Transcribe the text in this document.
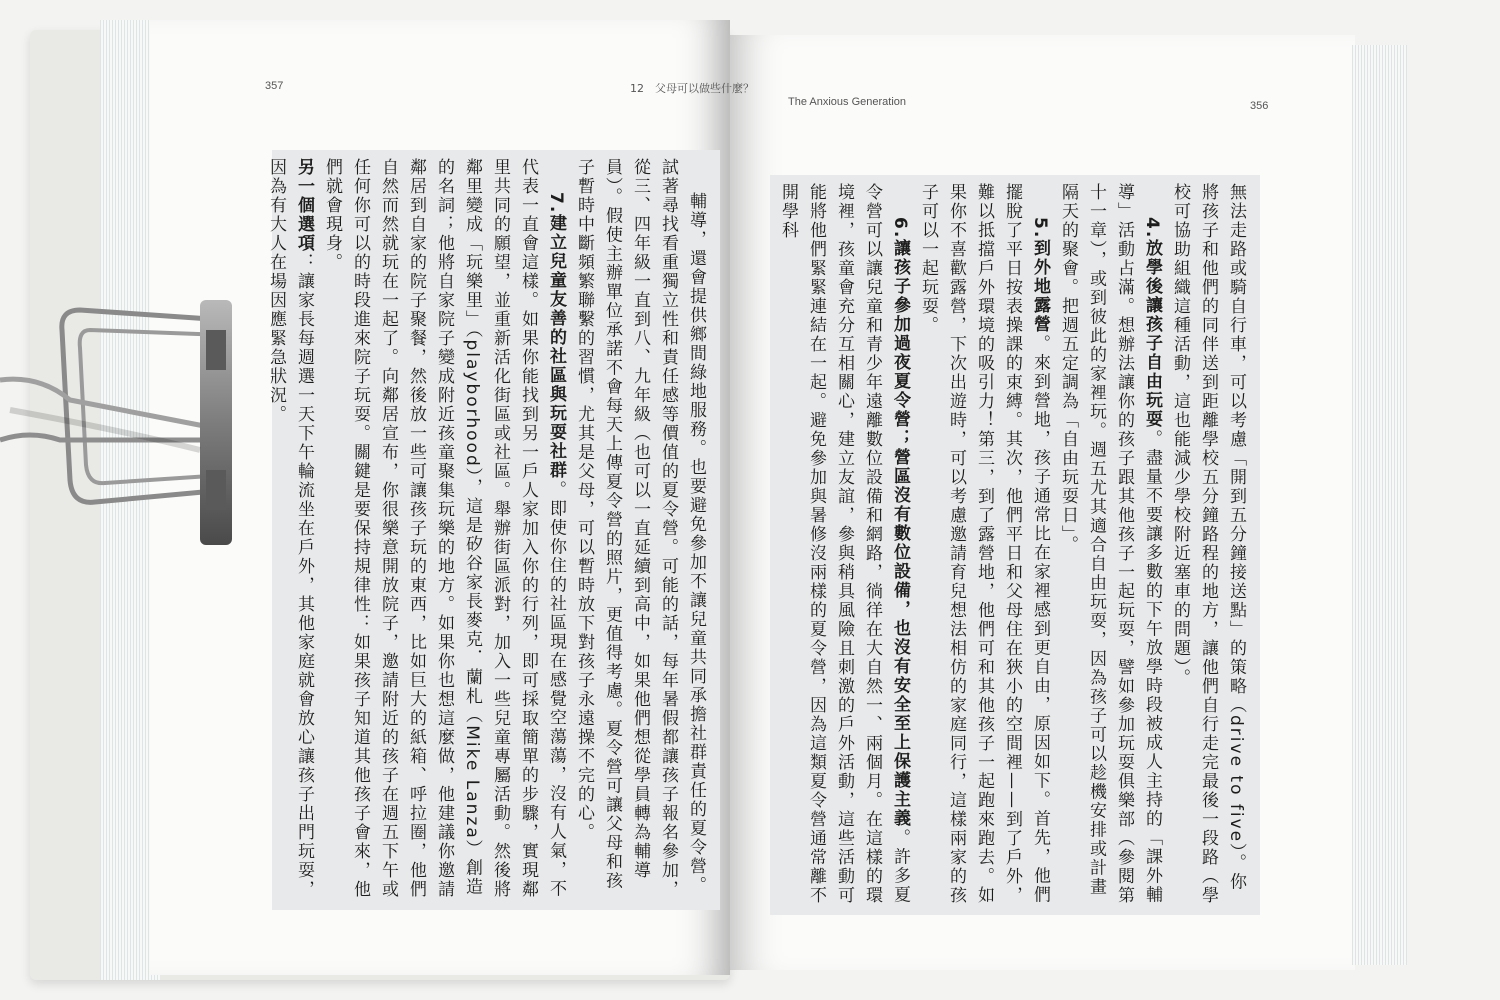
357	12　父母可以做些什麼？
The Anxious Generation	356

輔導，還會提供鄉間綠地服務。也要避免參加不讓兒童共同承擔社群責任的夏令營。試著尋找看重獨立性和責任感等價值的夏令營。可能的話，每年暑假都讓孩子報名參加，從三、四年級一直到八、九年級（也可以一直延續到高中，如果他們想從學員轉為輔導員）。假使主辦單位承諾不會每天上傳夏令營的照片，更值得考慮。夏令營可讓父母和孩子暫時中斷頻繁聯繫的習慣，尤其是父母，可以暫時放下對孩子永遠操不完的心。

7.建立兒童友善的社區與玩耍社群。即使你住的社區現在感覺空蕩蕩，沒有人氣，不代表一直會這樣。如果你能找到另一戶人家加入你的行列，即可採取簡單的步驟，實現鄰里共同的願望，並重新活化街區或社區。舉辦街區派對，加入一些兒童專屬活動。然後將鄰里變成「玩樂里」（playborhood），這是矽谷家長麥克．蘭札（Mike Lanza）創造的名詞；他將自家院子變成附近孩童聚集玩樂的地方。如果你也想這麼做，他建議你邀請鄰居到自家的院子聚餐，然後放一些可讓孩子玩的東西，比如巨大的紙箱、呼拉圈，他們自然而然就玩在一起了。向鄰居宣布，你很樂意開放院子，邀請附近的孩子在週五下午或任何你可以的時段進來院子玩耍。關鍵是要保持規律性：如果孩子知道其他孩子會來，他們就會現身。

另一個選項：讓家長每週選一天下午輪流坐在戶外，其他家庭就會放心讓孩子出門玩耍，因為有大人在場因應緊急狀況。	無法走路或騎自行車，可以考慮「開到五分鐘接送點」的策略（drive to five）。你將孩子和他們的同伴送到距離學校五分鐘路程的地方，讓他們自行走完最後一段路（學校可協助組織這種活動，這也能減少學校附近塞車的問題）。

4.放學後讓孩子自由玩耍。盡量不要讓多數的下午放學時段被成人主持的「課外輔導」活動占滿。想辦法讓你的孩子跟其他孩子一起玩耍，譬如參加玩耍俱樂部（參閱第十一章），或到彼此的家裡玩。週五尤其適合自由玩耍，因為孩子可以趁機安排或計畫隔天的聚會。把週五定調為「自由玩耍日」。

5.到外地露營。來到營地，孩子通常比在家裡感到更自由，原因如下。首先，他們擺脫了平日按表操課的束縛。其次，他們平日和父母住在狹小的空間裡——到了戶外，難以抵擋戶外環境的吸引力！第三，到了露營地，他們可和其他孩子一起跑來跑去。如果你不喜歡露營，下次出遊時，可以考慮邀請育兒想法相仿的家庭同行，這樣兩家的孩子可以一起玩耍。

6.讓孩子參加過夜夏令營；營區沒有數位設備，也沒有安全至上保護主義。許多夏令營可以讓兒童和青少年遠離數位設備和網路，徜徉在大自然一、兩個月。在這樣的環境裡，孩童會充分互相關心，建立友誼，參與稍具風險且刺激的戶外活動，這些活動可能將他們緊緊連結在一起。避免參加與暑修沒兩樣的夏令營，因為這類夏令營通常離不開學科
